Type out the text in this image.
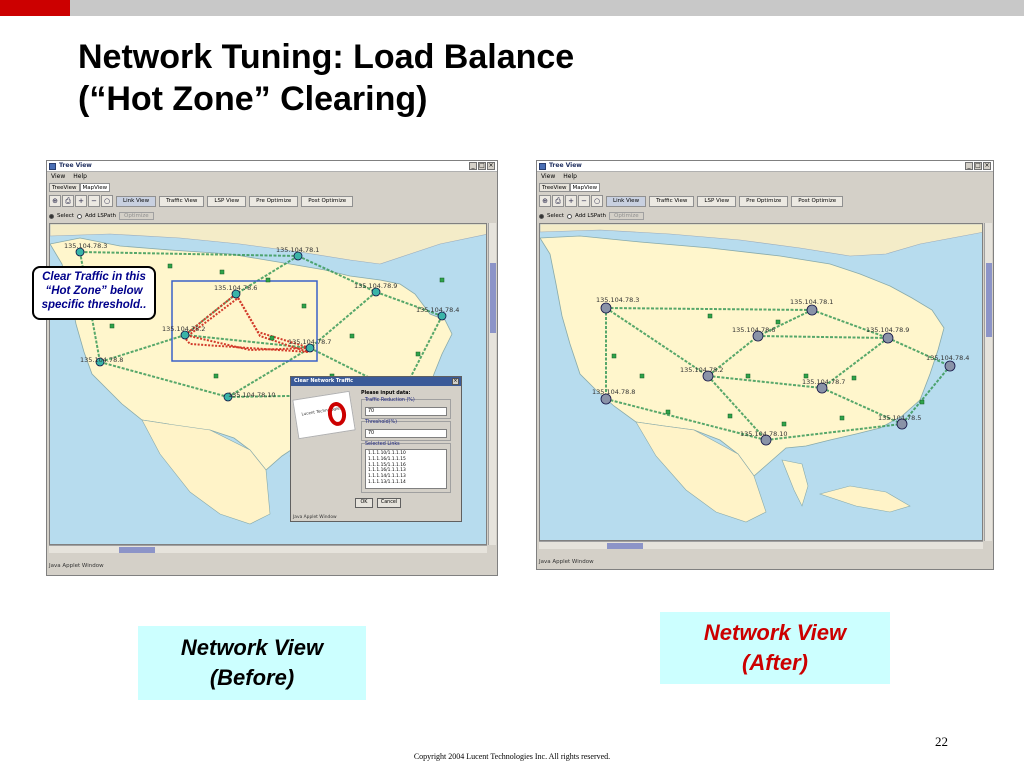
Network Tuning: Load Balance
(“Hot Zone” Clearing)
Tree View	_ □ ×
View Help
TreeView	MapView
⊕	⎙	+	−	○	Link View	Traffic View	LSP View	Pre Optimize	Post Optimize
Select Add LSPath	Optimize
135.104.78.3	135.104.78.1
135.104.78.6	135.104.78.9
135.104.78.4
135.104.78.2
135.104.78.7
135.104.78.8
135.104.78.10
Java Applet Window
Clear Network Traffic	×
Lucent Technologies
Please input data:
Traffic Reduction (%)
70
Threshold(%)
70
Selected Links
1.1.1.10/1.1.1.10
1.1.1.16/1.1.1.15
1.1.1.15/1.1.1.16
1.1.1.16/1.1.1.13
1.1.1.14/1.1.1.13
1.1.1.13/1.1.1.14
OK	Cancel
Java Applet Window
Clear Traffic in this
“Hot Zone” below
specific threshold..
Tree View	_ □ ×
View Help
TreeView	MapView
⊕	⎙	+	−	○	Link View	Traffic View	LSP View	Pre Optimize	Post Optimize
Select Add LSPath	Optimize
135.104.78.3	135.104.78.1
135.104.78.6	135.104.78.9
135.104.78.4
135.104.78.2
135.104.78.7
135.104.78.8
135.104.78.10
135.104.78.5
Java Applet Window
Network View
(Before)
Network View
(After)
22
Copyright 2004 Lucent Technologies Inc. All rights reserved.
